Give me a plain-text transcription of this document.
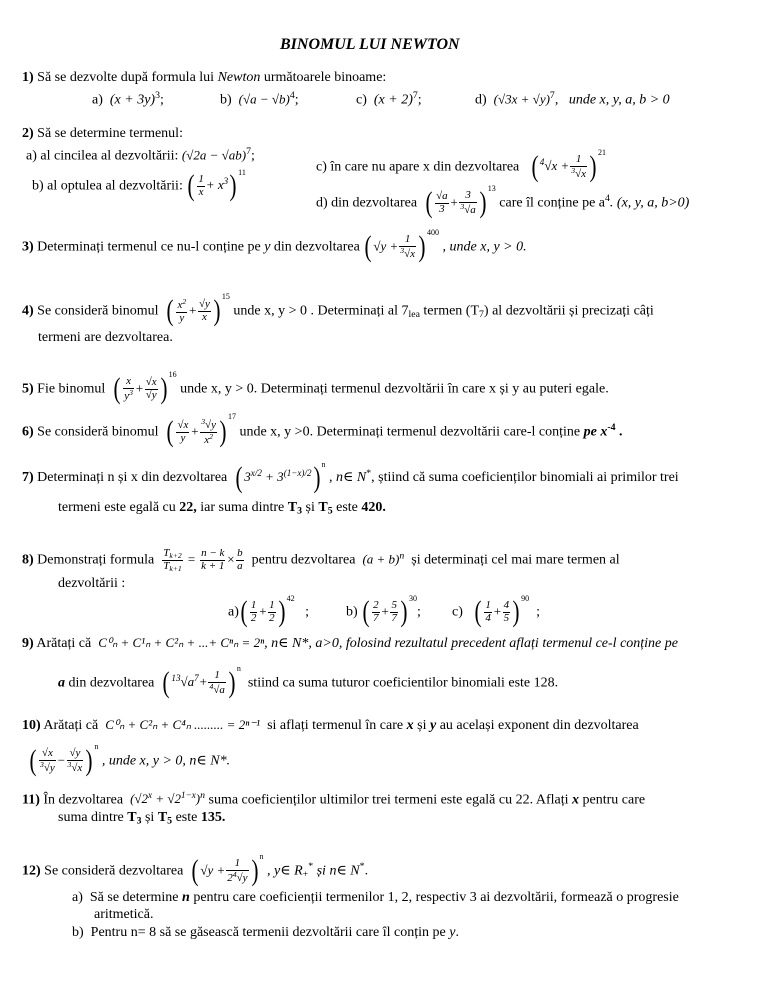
BINOMUL LUI NEWTON
1) Să se dezvolte după formula lui Newton următoarele binoame:
a) $(x + 3y)^3$;	b) $(√a - √b)^4$;	c) $(x + 2)^7$;	d) $(√3x + √y)^7$,   unde x, y, a, b > 0
2) Să se determine termenul:
a) al cincilea al dezvoltării: $(√2a - √ab)^7$;
b) al optulea al dezvoltării: ( $\frac{1}{x} + x^3$) $^{11}$	c) în care nu apare x din dezvoltarea ( $^4√x + \frac{1}{^3√x}$ ) $^{21}$
d) din dezvoltarea ( $\frac{√a}{3} + \frac{3}{^3√a}$ ) $^{13}$ care îl conține pe $a^4$. (x, y, a, b>0)
3) Determinați termenul ce nu-l conține pe y din dezvoltarea ( $√y + \frac{1}{^3√x}$ ) $^{400}$ , unde x, y > 0.
4) Se consideră binomul ( $\frac{x^2}{y} + \frac{√y}{x}$ ) $^{15}$ unde x, y > 0 . Determinați al $7_{lea}$ termen $(T_7)$ al dezvoltării și precizați câți
termeni are dezvoltarea.
5) Fie binomul ( $\frac{x}{y^3} + \frac{√x}{√y}$ ) $^{16}$ unde x, y > 0. Determinați termenul dezvoltării în care x și y au puteri egale.
6) Se consideră binomul ( $\frac{√x}{y} + \frac{^3√y}{x^2}$ ) $^{17}$ unde x, y >0. Determinați termenul dezvoltării care-l conține pe $x^{-4}$ .
7) Determinați n și x din dezvoltarea ( $3^{x/2} + 3^{(1-x)/2}$) $^n$ , n∈ N*, știind că suma coeficienților binomiali ai primilor trei
termeni este egală cu 22, iar suma dintre $T_3$ și $T_5$ este 420.
8) Demonstrați formula $\frac{T_{k+2}}{T_{k+1}} = \frac{n - k}{k + 1} \times \frac{b}{a}$ pentru dezvoltarea $(a + b)^n$ și determinați cel mai mare termen al
dezvoltării :
$a)( \frac{1}{2} + \frac{1}{2}$ ) $^{42}$   ;	b) ( $\frac{2}{7} + \frac{5}{7}$ ) $^{30}$; c) ( $\frac{1}{4} + \frac{4}{5}$ ) $^{90}$  ;
9) Arătați că C⁰ₙ + C¹ₙ + C²ₙ + ...+ Cⁿₙ = 2ⁿ, n∈ N*, a>0, folosind rezultatul precedent aflați termenul ce-l conține pe
a din dezvoltarea ( $^{13}√a^7+ \frac{1}{^4√a}$ ) $^n$  stiind ca suma tuturor coeficientilor binomiali este 128.
10) Arătați că C⁰ₙ + C²ₙ + C⁴ₙ ......... = 2ⁿ⁻¹ si aflați termenul în care x și y au același exponent din dezvoltarea
( $\frac{√x}{^3√y} - \frac{√y}{^3√x}$ ) $^n$ , unde x, y > 0, n∈ N*.
11) În dezvoltarea $(√2^x + √2^{1-x})^n$ suma coeficienților ultimilor trei termeni este egală cu 22. Aflați x pentru care
suma dintre $T_3$ și $T_5$ este 135.
12) Se consideră dezvoltarea ( $√y + \frac{1}{2^4√y}$ ) $^n$ , y∈ $R_+^*$ și n∈ N*.
a) Să se determine n pentru care coeficienții termenilor 1, 2, respectiv 3 ai dezvoltării, formează o progresie
aritmetică.
b) Pentru n= 8 să se găsească termenii dezvoltării care îl conțin pe y.
